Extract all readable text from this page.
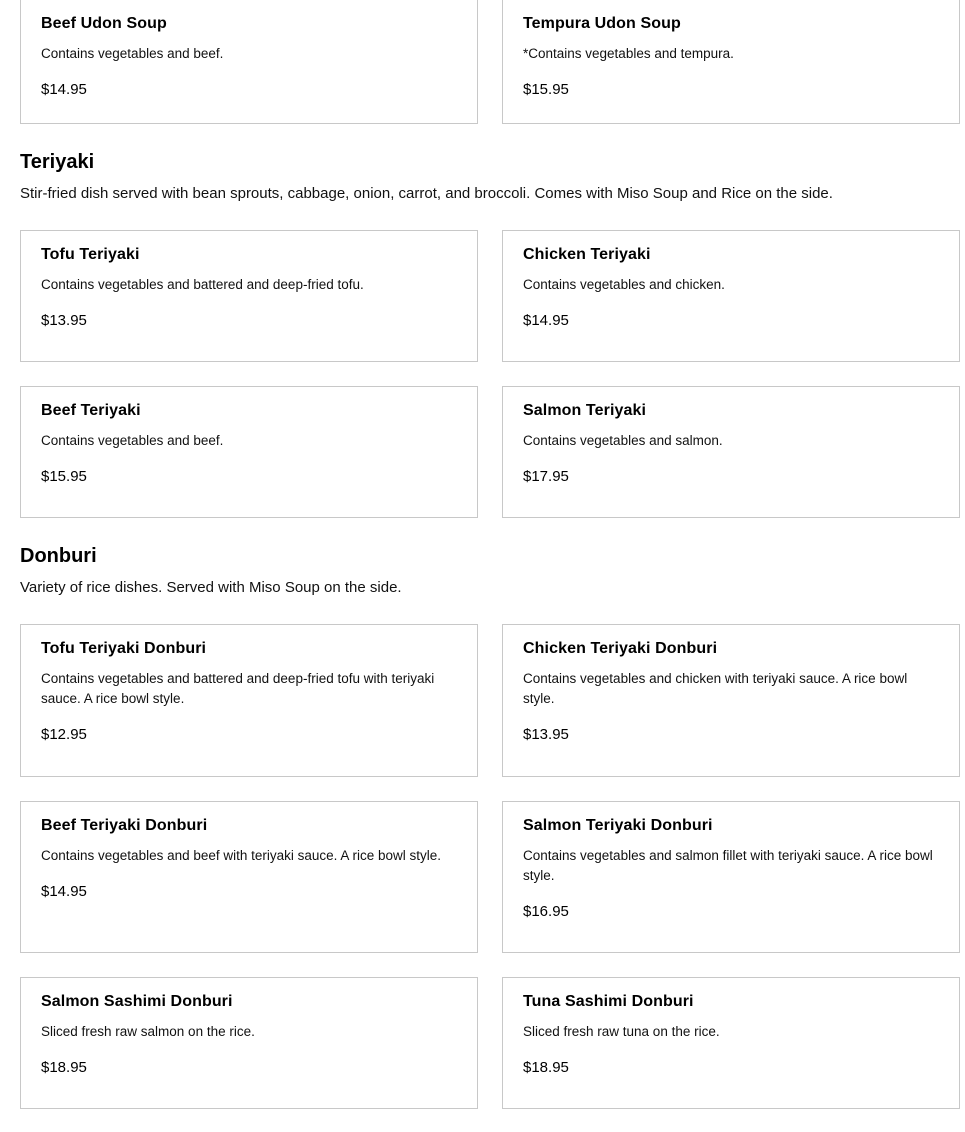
Beef Udon Soup

Contains vegetables and beef.

$14.95

Tempura Udon Soup

*Contains vegetables and tempura.

$15.95

Teriyaki

Stir-fried dish served with bean sprouts, cabbage, onion, carrot, and broccoli. Comes with Miso Soup and Rice on the side.

Tofu Teriyaki

Contains vegetables and battered and deep-fried tofu.

$13.95

Chicken Teriyaki

Contains vegetables and chicken.

$14.95

Beef Teriyaki

Contains vegetables and beef.

$15.95

Salmon Teriyaki

Contains vegetables and salmon.

$17.95

Donburi

Variety of rice dishes. Served with Miso Soup on the side.

Tofu Teriyaki Donburi

Contains vegetables and battered and deep-fried tofu with teriyaki sauce. A rice bowl style.

$12.95

Chicken Teriyaki Donburi

Contains vegetables and chicken with teriyaki sauce. A rice bowl style.

$13.95

Beef Teriyaki Donburi

Contains vegetables and beef with teriyaki sauce. A rice bowl style.

$14.95

Salmon Teriyaki Donburi

Contains vegetables and salmon fillet with teriyaki sauce. A rice bowl style.

$16.95

Salmon Sashimi Donburi

Sliced fresh raw salmon on the rice.

$18.95

Tuna Sashimi Donburi

Sliced fresh raw tuna on the rice.

$18.95
